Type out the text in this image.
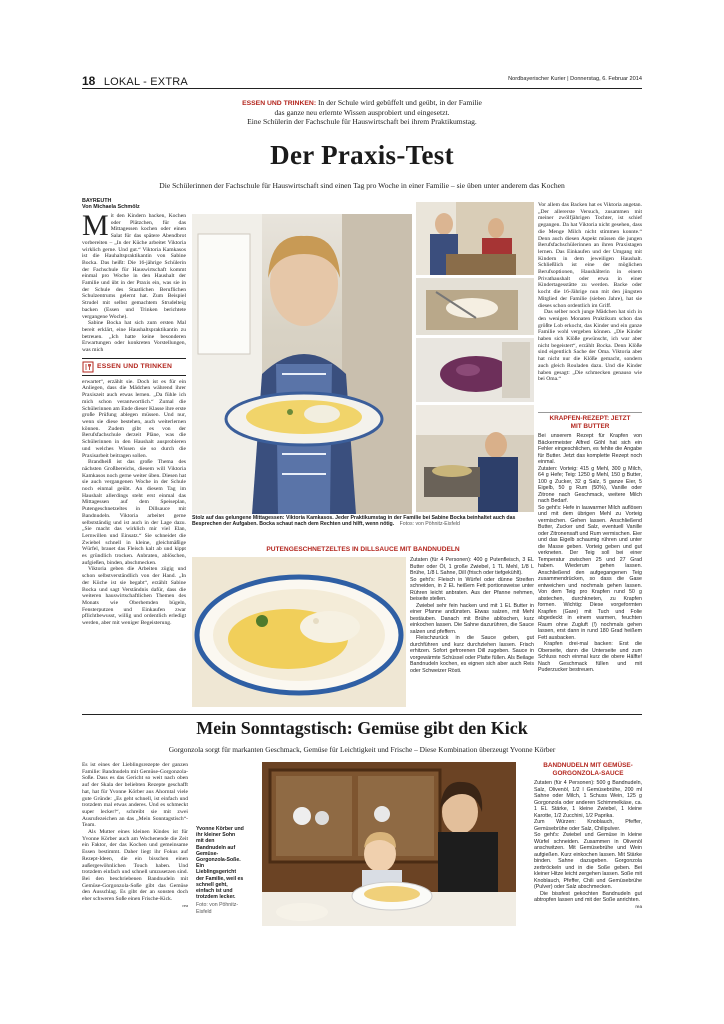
18 LOKAL - EXTRA	Nordbayerischer Kurier | Donnerstag, 6. Februar 2014
ESSEN UND TRINKEN: In der Schule wird gebüffelt und geübt, in der Familie
das ganze neu erlernte Wissen ausprobiert und eingesetzt.
Eine Schülerin der Fachschule für Hauswirtschaft bei ihrem Praktikumstag.
Der Praxis-Test
Die Schülerinnen der Fachschule für Hauswirtschaft sind einen Tag pro Woche in einer Familie – sie üben unter anderem das Kochen
BAYREUTH
Von Michaela Schmölz
M it den Kindern backen, Kochen oder Plätzchen, für das Mittagessen kochen oder einen Salat für das spätere Abendbrot vorbereiten – „In der Küche arbeitet Viktoria wirklich gerne. Und gut.“ Viktoria Kamkasos ist die Hauhaltspraktikantin von Sabine Bocka. Das heißt: Die 16-jährige Schülerin der Fachschule für Hauswirtschaft kommt einmal pro Woche in den Haushalt der Familie und übt in der Praxis ein, was sie in der Schule des Staatlichen Beruflichen Schulzentrums gelernt hat. Zum Beispiel Strudel mit selbst gemachtem Strudelteig backen (Essen und Trinken berichtete vergangene Woche).

Sabine Bocka hat sich zum ersten Mal bereit erklärt, eine Haushaltspraktikantin zu betreuen. „Ich hatte keine besonderen Erwartungen oder konkreten Vorstellungen, was mich

ESSEN UND TRINKEN

erwartet“, erzählt sie. Doch ist es für ein Anliegen, dass die Mädchen während ihrer Praxiszeit auch etwas lernen. „Da fühle ich mich schon verantwortlich.“ Zumal die Schülerinnen am Ende dieser Klasse ihre erste große Prüfung ablegen müssen. Und nur, wenn sie diese bestehen, auch weiterlernen können. Zudem gibt es von der Berufsfachschule derzeit Pläne, was die Schülerinnen in den Haushalt ausprobieren und welches Wissen sie so durch die Praxisarbeit beitragen sollen.

Brandheiß ist das große Thema des nächsten Großbereichs, diesem will Viktoria Kamkasos noch gerne weiter üben. Diesen hat sie auch vergangenen Woche in der Schule noch einmal geübt. An diesem Tag im Haushalt allerdings steht erst einmal das Mittagessen auf dem Speiseplan, Putengeschnetzeltes in Dillsauce mit Bandnudeln. Viktoria arbeitet gerne selbstständig und ist auch in der Lage dazu. „Sie macht das wirklich mir viel Elan, Lernwillen und Einsatz.“ Sie schneidet die Zwiebel schnell in kleine, gleichmäßige Würfel, brauet das Fleisch kalt ab und kippt es gründlich trocken. Anbraten, ablöschen, aufgießen, binden, abschmecken.

Viktoria geben die Arbeiten zügig und schon selbstverständlich von der Hand. „In der Küche ist sie begabt“, erzählt Sabine Bocka und sagt Verständnis dafür, dass die weiteren hauswirtschaftlichen Themen des Monats wie Oberhemden bügeln, Fensterputzen und Einkaufen zwar pflichtbewusst, willig und ordentlich erledigt werden, aber mit weniger Begeisterung.

Stolz auf das gelungene Mittagessen: Viktoria Kamkasos. Jeder Praktikumstag in der Familie bei Sabine Bocka beinhaltet auch das Besprechen der Aufgaben. Bocka schaut nach dem Rechten und hilft, wenn nötig. Fotos: von Pöhnitz-Eisfeld

Vor allem das Backen hat es Viktoria angetan. „Der allererste Versuch, zusammen mit meiner zwölfjährigen Tochter, ist schief gegangen. Da hat Viktoria nicht gesehen, dass die Menge Milch nicht stimmen konnte.“ Denn auch diesen Aspekt müssen die jungen Berufsfachschülerinnen an ihren Praxistagen lernen. Das Einkaufen und der Umgang mit Kindern in dem jeweiligen Haushalt. Schließlich ist eine der möglichen Berufsoptionen, Haushälterin in einem Privathaushalt oder etwa in einer Kindertagesstätte zu werden. Backe oder kocht die 16-Jährige nun mit den jüngsten Mitglied der Familie (sieben Jahre), hat sie dieses schon ordentlich im Griff.

Das selber noch junge Mädchen hat sich in den wenigen Monaten Praktikum schon das größte Lob erkocht, das Kinder und ein ganze Familie wohl vergeben können. „Die Kinder haben sich Klöße gewünscht, ich war aber nicht begeistert“, erzählt Bocka. Denn Klöße sind eigentlich Sache der Oma. Viktoria aber hat nicht nur die Klöße gemacht, sondern auch gleich Rouladen dazu. Und die Kinder haben gesagt: „Die schmecken genauso wie bei Oma.“

KRAPFEN-REZEPT: JETZT MIT BUTTER

Bei unserem Rezept für Krapfen von Bäckermeister Alfred Göhl hat sich ein Fehler eingeschlichen, es fehlte die Angabe für Butter. Jetzt das komplette Rezept noch einmal.

Zutaten: Vorteig: 415 g Mehl, 300 g Milch, 64 g Hefe; Teig: 1250 g Mehl, 150 g Butter, 100 g Zucker, 32 g Salz, 5 ganze Eier, 5 Eigelb, 50 g Rum (50%), Vanille oder Zitrone nach Geschmack, weitere Milch nach Bedarf.

So geht's: Hefe in lauwarmer Milch auflösen und mit dem übrigen Mehl zu Vorteig vermischen. Gehen lassen. Anschließend Butter, Zucker und Salz, eventuell Vanille oder Zitronensaft und Rum vermischen. Eier und das Eigelb schaumig rühren und unter die Masse geben. Vorteig geben und gut verkneten. Der Teig soll bei einer Temperatur zwischen 25 und 27 Grad haben. Wiederum gehen lassen. Anschließend den aufgegangenen Teig zusammendrücken, so dass die Gase entweichen und nochmals gehen lassen. Von dem Teig pro Krapfen rund 50 g abstechen, durchkneten, zu Krapfen formen. Wichtig: Diese vorgeformten Krapfen (Gare) mit Tuch und Folie abgedeckt in einem warmen, feuchten Raum ohne Zugluft (!) nochmals gehen lassen, erst dann in rund 180 Grad heißem Fett ausbacken.

Krapfen drei-mal backen: Erst die Oberseite, dann die Unterseite und zum Schluss noch einmal kurz die obere Hälfte! Nach Geschmack füllen und mit Puderzucker bestreuen.

PUTENGESCHNETZELTES IN DILLSAUCE MIT BANDNUDELN

Zutaten (für 4 Personen): 400 g Putenfleisch, 3 EL Butter oder Öl, 1 große Zwiebel, 1 TL Mehl, 1/8 L Brühe, 1/8 L Sahne, Dill (frisch oder tiefgekühlt).

So geht's: Fleisch in Würfel oder dünne Streifen schneiden, in 2 EL heißem Fett portionsweise unter Rühren leicht anbraten. Aus der Pfanne nehmen, beiseite stellen.

Zwiebel sehr fein hacken und mit 1 EL Butter in einer Pfanne andünsten. Etwas salzen, mit Mehl bestäuben. Danach mit Brühe ablöschen, kurz einkochen lassen. Die Sahne dazurühren, die Sauce salzen und pfeffern.

Fleischzurück in die Sauce geben, gut durchführen und kurz durchziehen lassen. Frisch erhitzen. Sofort gefrorenen Dill zugeben. Sauce in vorgewärmte Schüssel oder Platte füllen. Als Beilage Bandnudeln kochen, es eignen sich aber auch Reis oder Schweizer Rösti.

Mein Sonntagstisch: Gemüse gibt den Kick
Gorgonzola sorgt für markanten Geschmack, Gemüse für Leichtigkeit und Frische – Diese Kombination überzeugt Yvonne Körber

Es ist eines der Lieblingsrezepte der ganzen Familie: Bandnudeln mit Gemüse-Gorgonzola-Soße. Dass es das Gericht so weit nach oben auf der Skala der beliebten Rezepte geschafft hat, hat für Yvonne Körber aus Ahorntal viele gute Gründe: „Es geht schnell, ist einfach und trotzdem mal etwas anderes. Und es schmeckt super lecker!“, schreibt sie mit zwei Ausrufezeichen an das „Mein Sonntagstisch“-Team.

Als Mutter eines kleinen Kindes ist für Yvonne Körber auch am Wochenende die Zeit ein Faktor, der das Kochen und gemeinsame Essen bestimmt. Daher liegt ihr Fokus auf Rezept-Ideen, die ein bisschen einen außergewöhnlichen Touch haben. Und trotzdem einfach und schnell umzusetzen sind. Bei den beschriebenen Bandnudeln mit Gemüse-Gorgonzola-Soße gibt das Gemüse den Ausschlag. Es gibt der an sonsten doch eher schweren Soße einen Frische-Kick.

rea
Yvonne Körber und ihr kleiner Sohn mit den Bandnudeln auf Gemüse-Gorgonzola-Soße. Ein Lieblingsgericht der Familie, weil es schnell geht, einfach ist und trotzdem lecker.
Foto: von Pöhnitz-Eisfeld
BANDNUDELN MIT GEMÜSE-GORGONZOLA-SAUCE

Zutaten (für 4 Personen): 500 g Bandnudeln, Salz, Olivenöl, 1/2 l Gemüsebrühe, 200 ml Sahne oder Milch, 1 Schuss Wein, 125 g Gorgonzola oder anderen Schimmelkäse, ca. 1 EL Stärke, 1 kleine Zwiebel, 1 kleine Karotte, 1/2 Zucchini, 1/2 Paprika.

Zum Würzen: Knoblauch, Pfeffer, Gemüsebrühe oder Salz, Chilipulver.

So geht's: Zwiebel und Gemüse in kleine Würfel schneiden. Zusammen in Olivenöl anschwitzen. Mit Gemüsebrühe und Wein aufgießen. Kurz einkochen lassen. Mit Stärke binden. Sahne dazugeben. Gorgonzola zerbröckeln und in die Soße geben. Bei kleiner Hitze leicht zergehen lassen. Soße mit Knoblauch, Pfeffer, Chili und Gemüsebrühe (Pulver) oder Salz abschmecken.

Die bissfest gekochten Bandnudeln gut abtropfen lassen und mit der Soße anrichten.

rea
